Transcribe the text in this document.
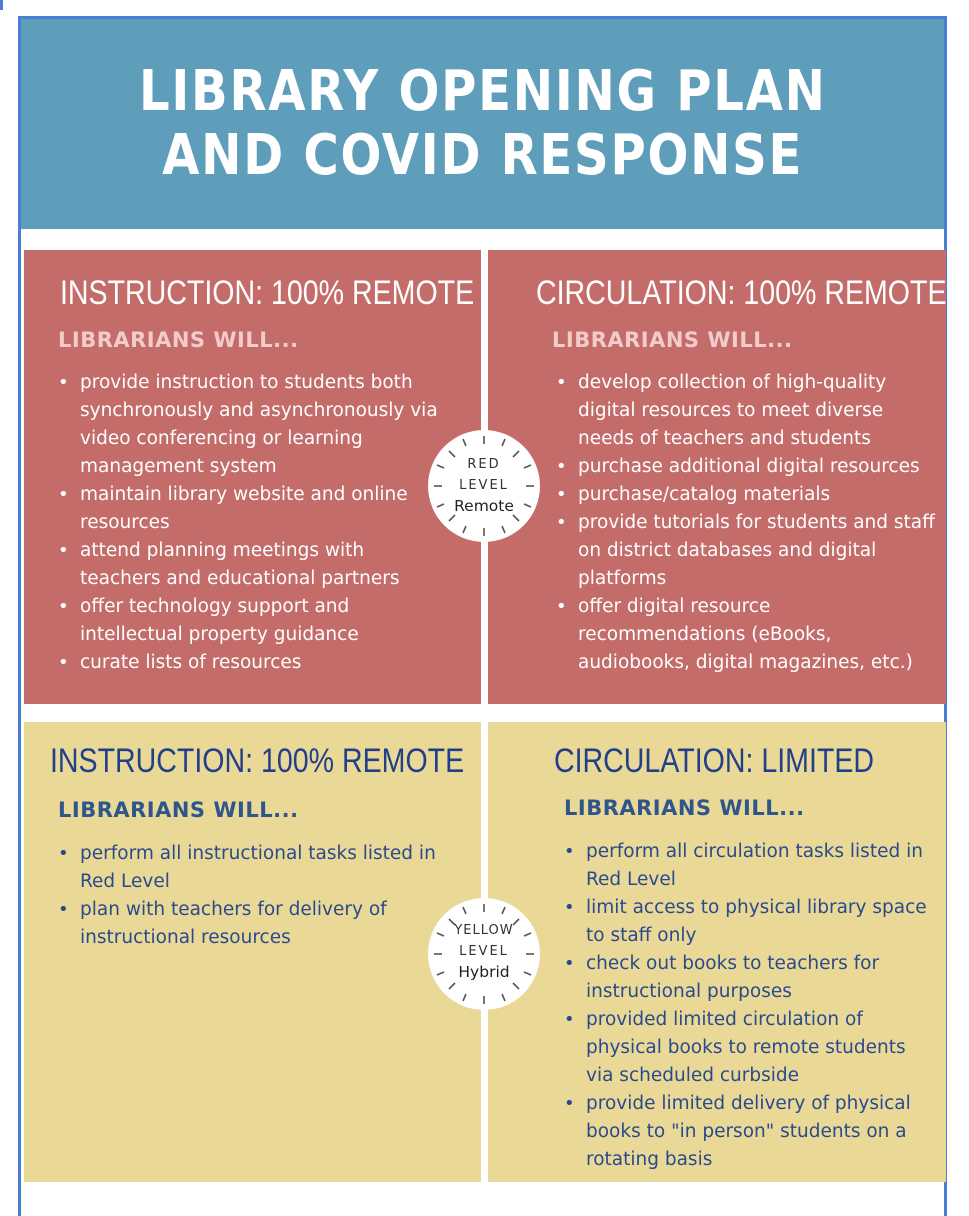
LIBRARY OPENING PLAN
AND COVID RESPONSE
INSTRUCTION: 100% REMOTE
LIBRARIANS WILL...
• provide instruction to students both synchronously and asynchronously via video conferencing or learning management system
• maintain library website and online resources
• attend planning meetings with teachers and educational partners
• offer technology support and intellectual property guidance
• curate lists of resources
CIRCULATION: 100% REMOTE
LIBRARIANS WILL...
• develop collection of high-quality digital resources to meet diverse needs of teachers and students
• purchase additional digital resources
• purchase/catalog materials
• provide tutorials for students and staff on district databases and digital platforms
• offer digital resource recommendations (eBooks, audiobooks, digital magazines, etc.)
RED
LEVEL
Remote
INSTRUCTION: 100% REMOTE
LIBRARIANS WILL...
• perform all instructional tasks listed in Red Level
• plan with teachers for delivery of instructional resources
CIRCULATION: LIMITED
LIBRARIANS WILL...
• perform all circulation tasks listed in Red Level
• limit access to physical library space to staff only
• check out books to teachers for instructional purposes
• provided limited circulation of physical books to remote students via scheduled curbside
• provide limited delivery of physical books to "in person" students on a rotating basis
YELLOW
LEVEL
Hybrid
